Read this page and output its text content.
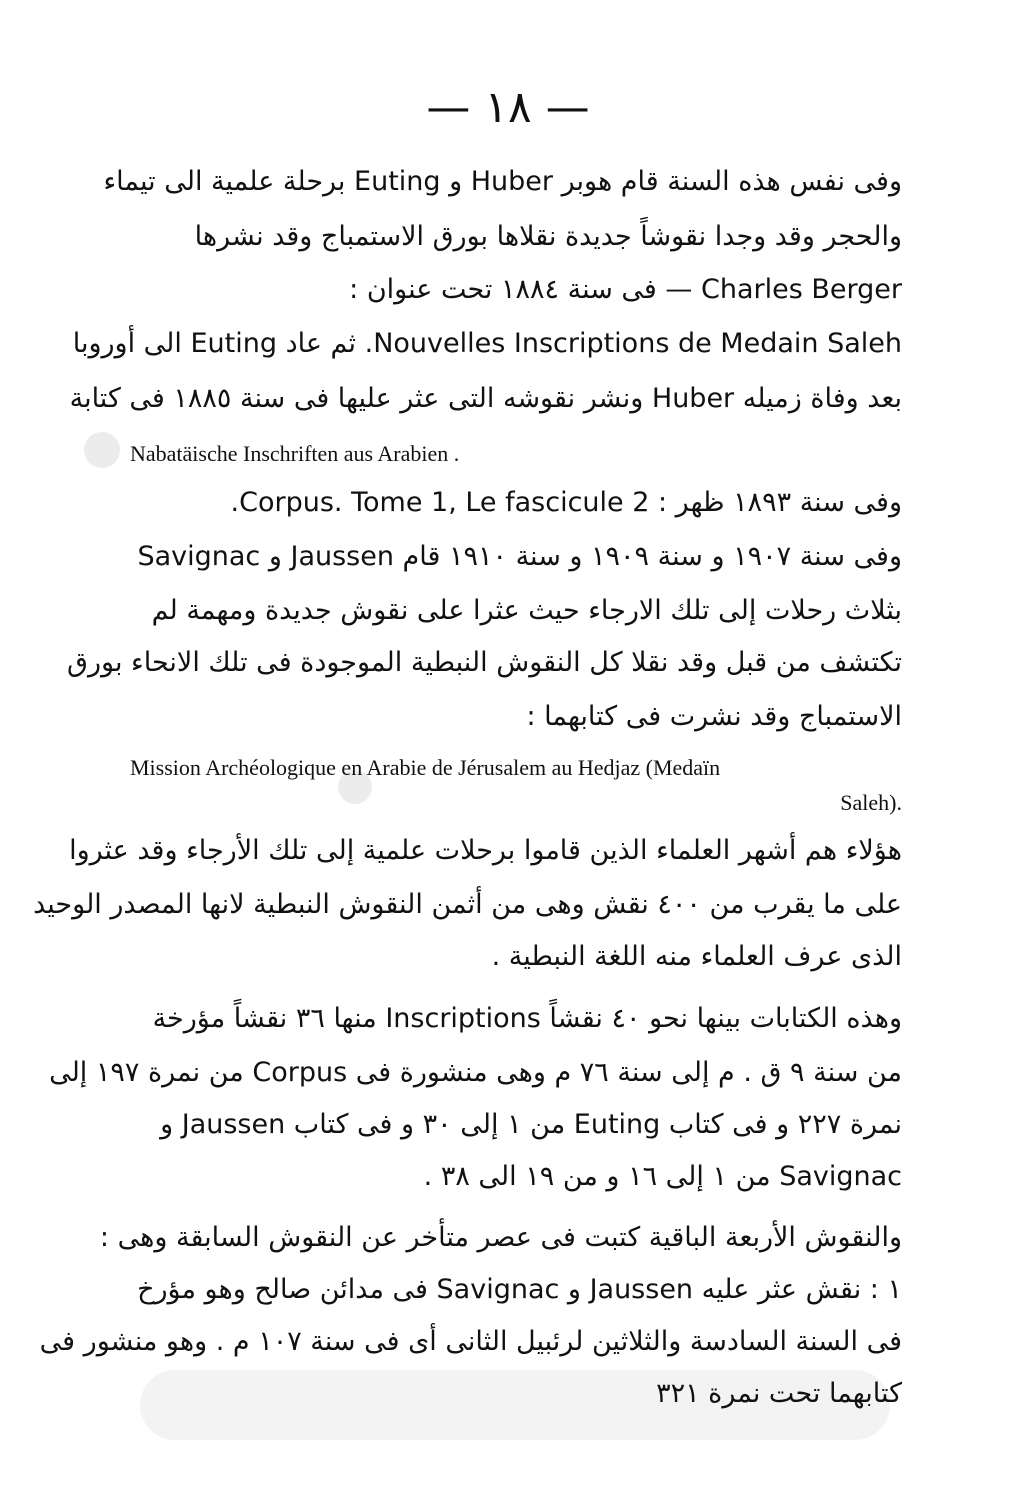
— ١٨ —
وفى نفس هذه السنة قام هوبر Huber و Euting برحلة علمية الى تيماء
والحجر وقد وجدا نقوشاً جديدة نقلاها بورق الاستمباج وقد نشرها
Charles Berger — فى سنة ١٨٨٤ تحت عنوان :
Nouvelles Inscriptions de Medain Saleh. ثم عاد Euting الى أوروبا
بعد وفاة زميله Huber ونشر نقوشه التى عثر عليها فى سنة ١٨٨٥ فى كتابة
Nabatäische Inschriften aus Arabien .
وفى سنة ١٨٩٣ ظهر : Corpus. Tome 1, Le fascicule 2.
وفى سنة ١٩٠٧ و سنة ١٩٠٩ و سنة ١٩١٠ قام Jaussen و Savignac
بثلاث رحلات إلى تلك الارجاء حيث عثرا على نقوش جديدة ومهمة لم
تكتشف من قبل وقد نقلا كل النقوش النبطية الموجودة فى تلك الانحاء بورق
الاستمباج وقد نشرت فى كتابهما :
Mission Archéologique en Arabie de Jérusalem au Hedjaz (Medaïn
Saleh).
هؤلاء هم أشهر العلماء الذين قاموا برحلات علمية إلى تلك الأرجاء وقد عثروا
على ما يقرب من ٤٠٠ نقش وهى من أثمن النقوش النبطية لانها المصدر الوحيد
الذى عرف العلماء منه اللغة النبطية .
وهذه الكتابات بينها نحو ٤٠ نقشاً Inscriptions منها ٣٦ نقشاً مؤرخة
من سنة ٩ ق . م إلى سنة ٧٦ م وهى منشورة فى Corpus من نمرة ١٩٧ إلى
نمرة ٢٢٧ و فى كتاب Euting من ١ إلى ٣٠ و فى كتاب Jaussen و
Savignac من ١ إلى ١٦ و من ١٩ الى ٣٨ .
والنقوش الأربعة الباقية كتبت فى عصر متأخر عن النقوش السابقة وهى :
١ : نقش عثر عليه Jaussen و Savignac فى مدائن صالح وهو مؤرخ
فى السنة السادسة والثلاثين لرئبيل الثانى أى فى سنة ١٠٧ م . وهو منشور فى
كتابهما تحت نمرة ٣٢١
